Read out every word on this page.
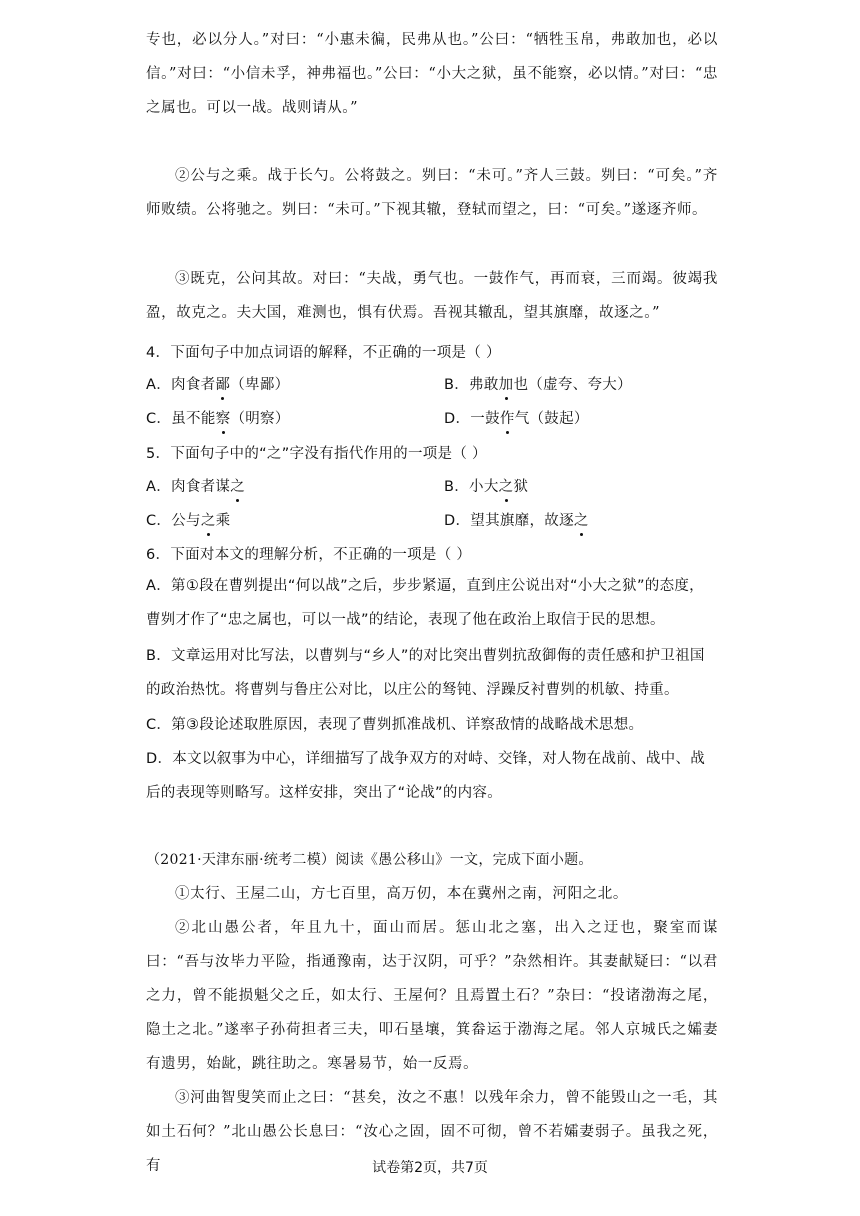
专也，必以分人。”对曰：“小惠未徧，民弗从也。”公曰：“牺牲玉帛，弗敢加也，必以信。”对曰：“小信未孚，神弗福也。”公曰：“小大之狱，虽不能察，必以情。”对曰：“忠之属也。可以一战。战则请从。”

②公与之乘。战于长勺。公将鼓之。刿曰：“未可。”齐人三鼓。刿曰：“可矣。”齐师败绩。公将驰之。刿曰：“未可。”下视其辙，登轼而望之，曰：“可矣。”遂逐齐师。

③既克，公问其故。对曰：“夫战，勇气也。一鼓作气，再而衰，三而竭。彼竭我盈，故克之。夫大国，难测也，惧有伏焉。吾视其辙乱，望其旗靡，故逐之。”

4．下面句子中加点词语的解释，不正确的一项是（ ）
A．肉食者鄙（卑鄙）	B．弗敢加也（虚夸、夸大）
C．虽不能察（明察）	D．一鼓作气（鼓起）
5．下面句子中的“之”字没有指代作用的一项是（ ）
A．肉食者谋之	B．小大之狱
C．公与之乘	D．望其旗靡，故逐之
6．下面对本文的理解分析，不正确的一项是（ ）

A．第①段在曹刿提出“何以战”之后，步步紧逼，直到庄公说出对“小大之狱”的态度，曹刿才作了“忠之属也，可以一战”的结论，表现了他在政治上取信于民的思想。

B．文章运用对比写法，以曹刿与“乡人”的对比突出曹刿抗敌御侮的责任感和护卫祖国的政治热忱。将曹刿与鲁庄公对比，以庄公的驽钝、浮躁反衬曹刿的机敏、持重。

C．第③段论述取胜原因，表现了曹刿抓准战机、详察敌情的战略战术思想。

D．本文以叙事为中心，详细描写了战争双方的对峙、交锋，对人物在战前、战中、战后的表现等则略写。这样安排，突出了“论战”的内容。

（2021·天津东丽·统考二模）阅读《愚公移山》一文，完成下面小题。

①太行、王屋二山，方七百里，高万仞，本在冀州之南，河阳之北。

②北山愚公者，年且九十，面山而居。惩山北之塞，出入之迂也，聚室而谋曰：“吾与汝毕力平险，指通豫南，达于汉阴，可乎？”杂然相许。其妻献疑曰：“以君之力，曾不能损魁父之丘，如太行、王屋何？且焉置土石？”杂曰：“投诸渤海之尾，隐土之北。”遂率子孙荷担者三夫，叩石垦壤，箕畚运于渤海之尾。邻人京城氏之孀妻有遗男，始龀，跳往助之。寒暑易节，始一反焉。

③河曲智叟笑而止之曰：“甚矣，汝之不惠！以残年余力，曾不能毁山之一毛，其如土石何？”北山愚公长息曰：“汝心之固，固不可彻，曾不若孀妻弱子。虽我之死，有	试卷第2页，共7页
